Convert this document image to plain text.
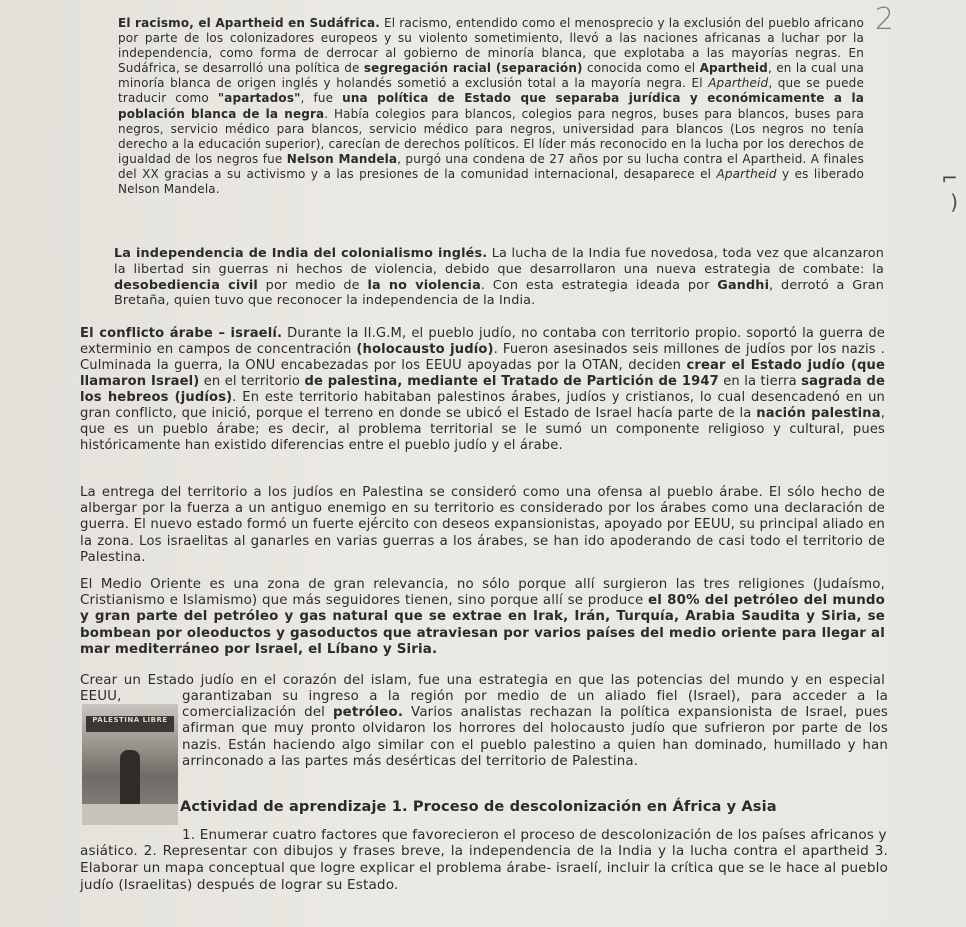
2

El racismo, el Apartheid en Sudáfrica. El racismo, entendido como el menosprecio y la exclusión del pueblo africano por parte de los colonizadores europeos y su violento sometimiento, llevó a las naciones africanas a luchar por la independencia, como forma de derrocar al gobierno de minoría blanca, que explotaba a las mayorías negras. En Sudáfrica, se desarrolló una política de segregación racial (separación) conocida como el Apartheid, en la cual una minoría blanca de origen inglés y holandés sometió a exclusión total a la mayoría negra. El Apartheid, que se puede traducir como "apartados", fue una política de Estado que separaba jurídica y económicamente a la población blanca de la negra. Había colegios para blancos, colegios para negros, buses para blancos, buses para negros, servicio médico para blancos, servicio médico para negros, universidad para blancos (Los negros no tenía derecho a la educación superior), carecían de derechos políticos. El líder más reconocido en la lucha por los derechos de igualdad de los negros fue Nelson Mandela, purgó una condena de 27 años por su lucha contra el Apartheid. A finales del XX gracias a su activismo y a las presiones de la comunidad internacional, desaparece el Apartheid y es liberado Nelson Mandela.

La independencia de India del colonialismo inglés. La lucha de la India fue novedosa, toda vez que alcanzaron la libertad sin guerras ni hechos de violencia, debido que desarrollaron una nueva estrategia de combate: la desobediencia civil por medio de la no violencia. Con esta estrategia ideada por Gandhi, derrotó a Gran Bretaña, quien tuvo que reconocer la independencia de la India.

El conflicto árabe – israelí. Durante la II.G.M, el pueblo judío, no contaba con territorio propio. soportó la guerra de exterminio en campos de concentración (holocausto judío). Fueron asesinados seis millones de judíos por los nazis . Culminada la guerra, la ONU encabezadas por los EEUU apoyadas por la OTAN, deciden crear el Estado judío (que llamaron Israel) en el territorio de palestina, mediante el Tratado de Partición de 1947 en la tierra sagrada de los hebreos (judíos). En este territorio habitaban palestinos árabes, judíos y cristianos, lo cual desencadenó en un gran conflicto, que inició, porque el terreno en donde se ubicó el Estado de Israel hacía parte de la nación palestina, que es un pueblo árabe; es decir, al problema territorial se le sumó un componente religioso y cultural, pues históricamente han existido diferencias entre el pueblo judío y el árabe.

La entrega del territorio a los judíos en Palestina se consideró como una ofensa al pueblo árabe. El sólo hecho de albergar por la fuerza a un antiguo enemigo en su territorio es considerado por los árabes como una declaración de guerra. El nuevo estado formó un fuerte ejército con deseos expansionistas, apoyado por EEUU, su principal aliado en la zona. Los israelitas al ganarles en varias guerras a los árabes, se han ido apoderando de casi todo el territorio de Palestina.

El Medio Oriente es una zona de gran relevancia, no sólo porque allí surgieron las tres religiones (Judaísmo, Cristianismo e Islamismo) que más seguidores tienen, sino porque allí se produce el 80% del petróleo del mundo y gran parte del petróleo y gas natural que se extrae en Irak, Irán, Turquía, Arabia Saudita y Siria, se bombean por oleoductos y gasoductos que atraviesan por varios países del medio oriente para llegar al mar mediterráneo por Israel, el Líbano y Siria.

Crear un Estado judío en el corazón del islam, fue una estrategia en que las potencias del mundo y en especial EEUU,

PALESTINA LIBRE

garantizaban su ingreso a la región por medio de un aliado fiel (Israel), para acceder a la comercialización del petróleo. Varios analistas rechazan la política expansionista de Israel, pues afirman que muy pronto olvidaron los horrores del holocausto judío que sufrieron por parte de los nazis. Están haciendo algo similar con el pueblo palestino a quien han dominado, humillado y han arrinconado a las partes más desérticas del territorio de Palestina.

Actividad de aprendizaje 1. Proceso de descolonización en África y Asia

1. Enumerar cuatro factores que favorecieron el proceso de descolonización de los países africanos y

asiático. 2. Representar con dibujos y frases breve, la independencia de la India y la lucha contra el apartheid 3. Elaborar un mapa conceptual que logre explicar el problema árabe- israelí, incluir la crítica que se le hace al pueblo judío (Israelitas) después de lograr su Estado.

⌐
)
